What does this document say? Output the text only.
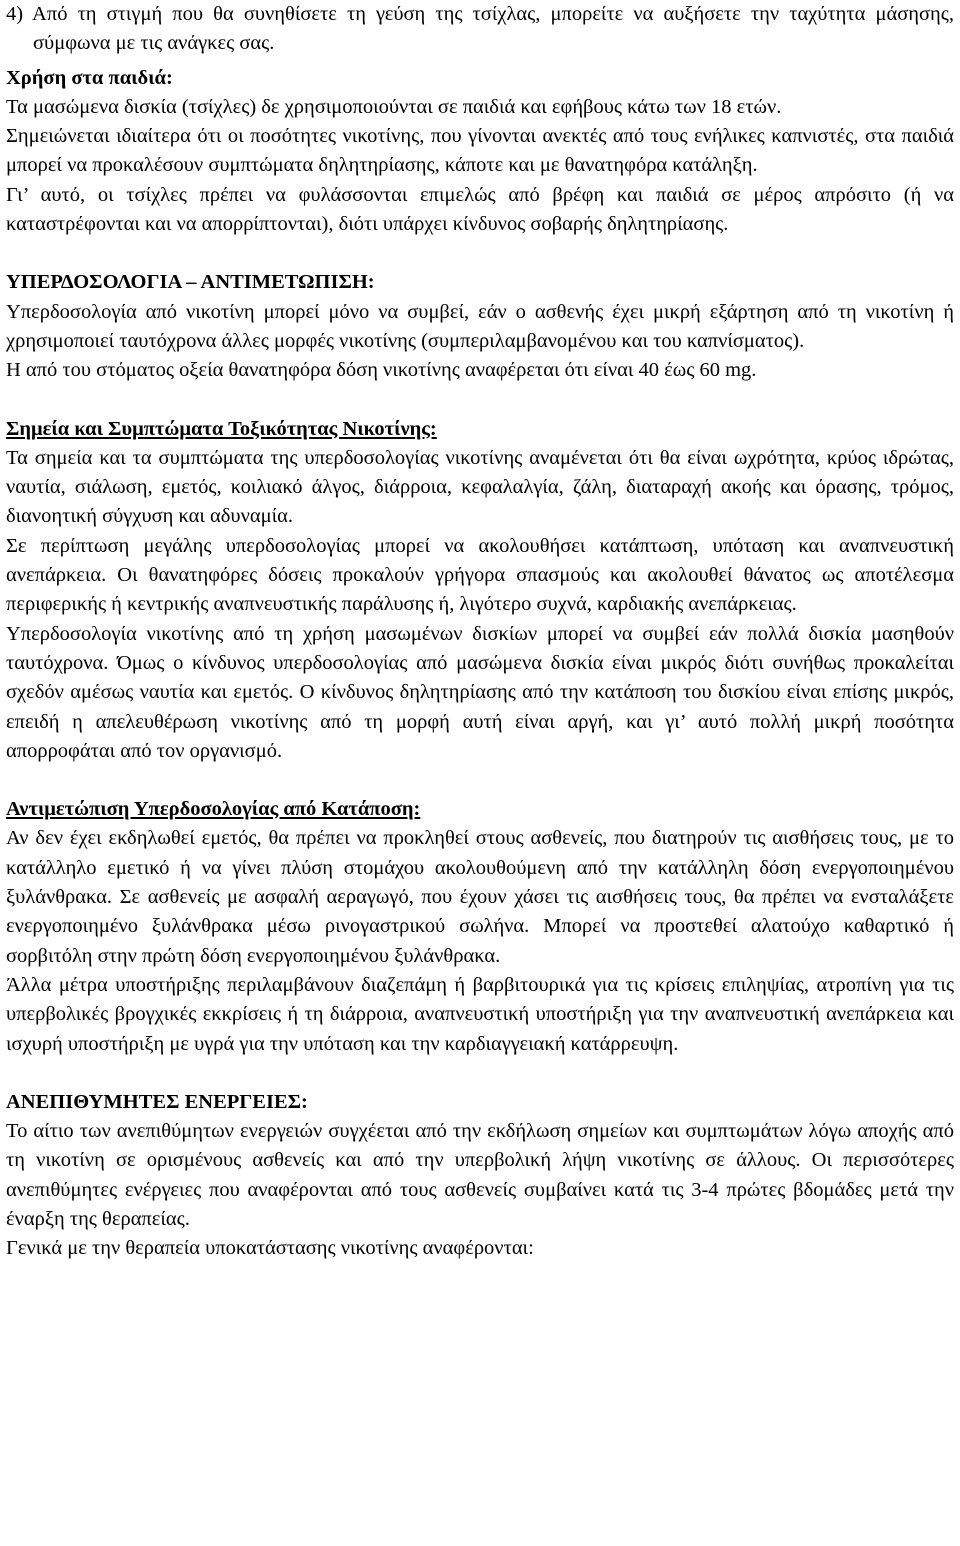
4) Από τη στιγμή που θα συνηθίσετε τη γεύση της τσίχλας, μπορείτε να αυξήσετε την ταχύτητα μάσησης, σύμφωνα με τις ανάγκες σας.

Χρήση στα παιδιά:

Τα μασώμενα δισκία (τσίχλες) δε χρησιμοποιούνται σε παιδιά και εφήβους κάτω των 18 ετών.

Σημειώνεται ιδιαίτερα ότι οι ποσότητες νικοτίνης, που γίνονται ανεκτές από τους ενήλικες καπνιστές, στα παιδιά μπορεί να προκαλέσουν συμπτώματα δηλητηρίασης, κάποτε και με θανατηφόρα κατάληξη.

Γι’ αυτό, οι τσίχλες πρέπει να φυλάσσονται επιμελώς από βρέφη και παιδιά σε μέρος απρόσιτο (ή να καταστρέφονται και να απορρίπτονται), διότι υπάρχει κίνδυνος σοβαρής δηλητηρίασης.

ΥΠΕΡΔΟΣΟΛΟΓΙΑ – ΑΝΤΙΜΕΤΩΠΙΣΗ:

Υπερδοσολογία από νικοτίνη μπορεί μόνο να συμβεί, εάν ο ασθενής έχει μικρή εξάρτηση από τη νικοτίνη ή χρησιμοποιεί ταυτόχρονα άλλες μορφές νικοτίνης (συμπεριλαμβανομένου και του καπνίσματος).

Η από του στόματος οξεία θανατηφόρα δόση νικοτίνης αναφέρεται ότι είναι 40 έως 60 mg.

Σημεία και Συμπτώματα Τοξικότητας Νικοτίνης:

Τα σημεία και τα συμπτώματα της υπερδοσολογίας νικοτίνης αναμένεται ότι θα είναι ωχρότητα, κρύος ιδρώτας, ναυτία, σιάλωση, εμετός, κοιλιακό άλγος, διάρροια, κεφαλαλγία, ζάλη, διαταραχή ακοής και όρασης, τρόμος, διανοητική σύγχυση και αδυναμία.

Σε περίπτωση μεγάλης υπερδοσολογίας μπορεί να ακολουθήσει κατάπτωση, υπόταση και αναπνευστική ανεπάρκεια. Οι θανατηφόρες δόσεις προκαλούν γρήγορα σπασμούς και ακολουθεί θάνατος ως αποτέλεσμα περιφερικής ή κεντρικής αναπνευστικής παράλυσης ή, λιγότερο συχνά, καρδιακής ανεπάρκειας.

Υπερδοσολογία νικοτίνης από τη χρήση μασωμένων δισκίων μπορεί να συμβεί εάν πολλά δισκία μασηθούν ταυτόχρονα. Όμως ο κίνδυνος υπερδοσολογίας από μασώμενα δισκία είναι μικρός διότι συνήθως προκαλείται σχεδόν αμέσως ναυτία και εμετός. Ο κίνδυνος δηλητηρίασης από την κατάποση του δισκίου είναι επίσης μικρός, επειδή η απελευθέρωση νικοτίνης από τη μορφή αυτή είναι αργή, και γι’ αυτό πολλή μικρή ποσότητα απορροφάται από τον οργανισμό.

Αντιμετώπιση Υπερδοσολογίας από Κατάποση:

Αν δεν έχει εκδηλωθεί εμετός, θα πρέπει να προκληθεί στους ασθενείς, που διατηρούν τις αισθήσεις τους, με το κατάλληλο εμετικό ή να γίνει πλύση στομάχου ακολουθούμενη από την κατάλληλη δόση ενεργοποιημένου ξυλάνθρακα. Σε ασθενείς με ασφαλή αεραγωγό, που έχουν χάσει τις αισθήσεις τους, θα πρέπει να ενσταλάξετε ενεργοποιημένο ξυλάνθρακα μέσω ρινογαστρικού σωλήνα. Μπορεί να προστεθεί αλατούχο καθαρτικό ή σορβιτόλη στην πρώτη δόση ενεργοποιημένου ξυλάνθρακα.

Άλλα μέτρα υποστήριξης περιλαμβάνουν διαζεπάμη ή βαρβιτουρικά για τις κρίσεις επιληψίας, ατροπίνη για τις υπερβολικές βρογχικές εκκρίσεις ή τη διάρροια, αναπνευστική υποστήριξη για την αναπνευστική ανεπάρκεια και ισχυρή υποστήριξη με υγρά για την υπόταση και την καρδιαγγειακή κατάρρευψη.

ΑΝΕΠΙΘΥΜΗΤΕΣ ΕΝΕΡΓΕΙΕΣ:

Το αίτιο των ανεπιθύμητων ενεργειών συγχέεται από την εκδήλωση σημείων και συμπτωμάτων λόγω αποχής από τη νικοτίνη σε ορισμένους ασθενείς και από την υπερβολική λήψη νικοτίνης σε άλλους. Οι περισσότερες ανεπιθύμητες ενέργειες που αναφέρονται από τους ασθενείς συμβαίνει κατά τις 3-4 πρώτες βδομάδες μετά την έναρξη της θεραπείας.

Γενικά με την θεραπεία υποκατάστασης νικοτίνης αναφέρονται:
